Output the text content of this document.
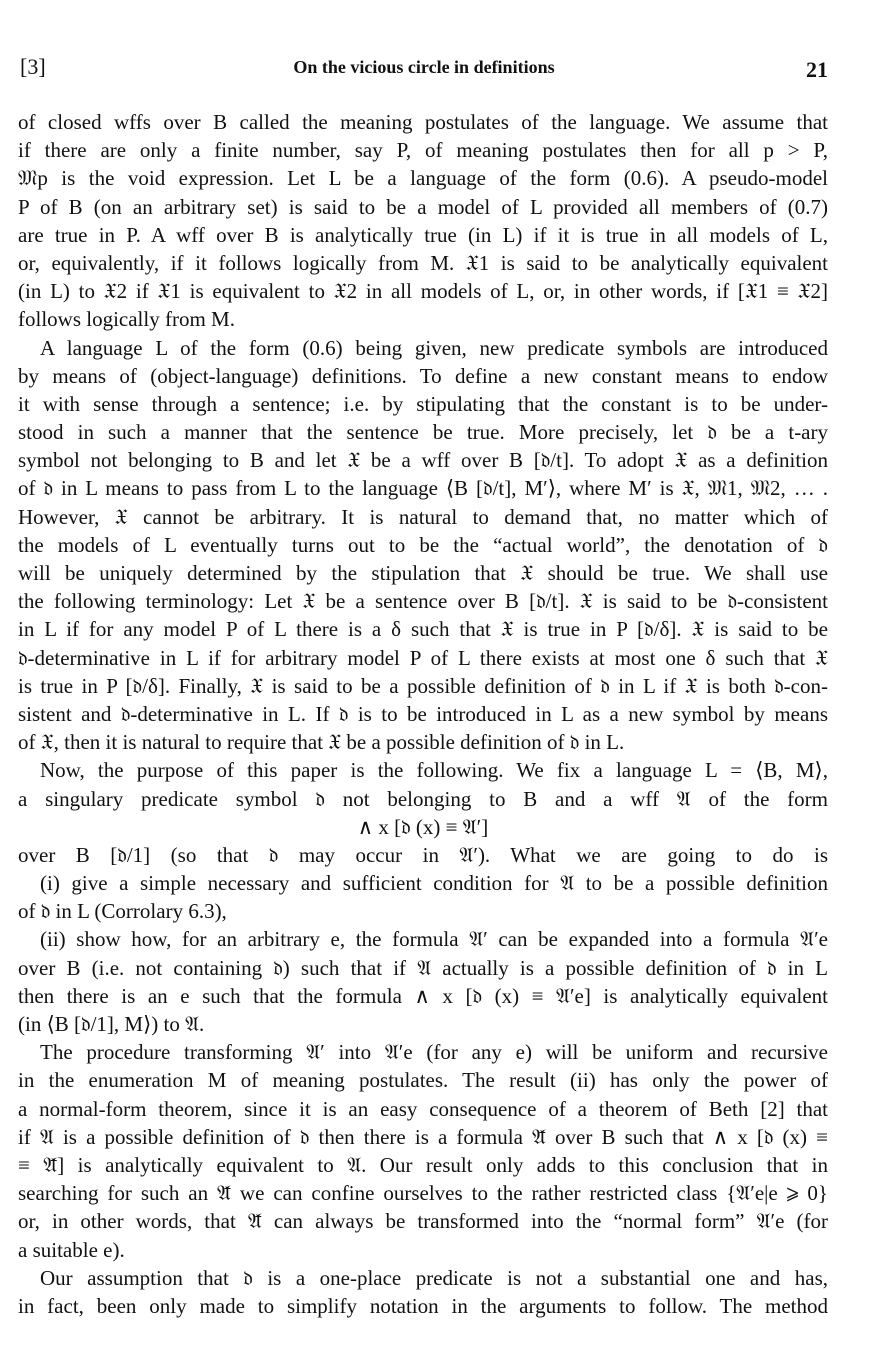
[3]	On the vicious circle in definitions	21
of closed wffs over B called the meaning postulates of the language. We assume that
if there are only a finite number, say P, of meaning postulates then for all p > P,
𝔐p is the void expression. Let L be a language of the form (0.6). A pseudo-model
P of B (on an arbitrary set) is said to be a model of L provided all members of (0.7)
are true in P. A wff over B is analytically true (in L) if it is true in all models of L,
or, equivalently, if it follows logically from M. 𝔛1 is said to be analytically equivalent
(in L) to 𝔛2 if 𝔛1 is equivalent to 𝔛2 in all models of L, or, in other words, if [𝔛1 ≡ 𝔛2]
follows logically from M.
A language L of the form (0.6) being given, new predicate symbols are introduced
by means of (object-language) definitions. To define a new constant means to endow
it with sense through a sentence; i.e. by stipulating that the constant is to be under-
stood in such a manner that the sentence be true. More precisely, let 𝔡 be a t-ary
symbol not belonging to B and let 𝔛 be a wff over B [𝔡/t]. To adopt 𝔛 as a definition
of 𝔡 in L means to pass from L to the language ⟨B [𝔡/t], M′⟩, where M′ is 𝔛, 𝔐1, 𝔐2, … .
However, 𝔛 cannot be arbitrary. It is natural to demand that, no matter which of
the models of L eventually turns out to be the “actual world”, the denotation of 𝔡
will be uniquely determined by the stipulation that 𝔛 should be true. We shall use
the following terminology: Let 𝔛 be a sentence over B [𝔡/t]. 𝔛 is said to be 𝔡-consistent
in L if for any model P of L there is a δ such that 𝔛 is true in P [𝔡/δ]. 𝔛 is said to be
𝔡-determinative in L if for arbitrary model P of L there exists at most one δ such that 𝔛
is true in P [𝔡/δ]. Finally, 𝔛 is said to be a possible definition of 𝔡 in L if 𝔛 is both 𝔡-con-
sistent and 𝔡-determinative in L. If 𝔡 is to be introduced in L as a new symbol by means
of 𝔛, then it is natural to require that 𝔛 be a possible definition of 𝔡 in L.
Now, the purpose of this paper is the following. We fix a language L = ⟨B, M⟩,
a singulary predicate symbol 𝔡 not belonging to B and a wff 𝔄 of the form
∧ x [𝔡 (x) ≡ 𝔄′]
over B [𝔡/1] (so that 𝔡 may occur in 𝔄′). What we are going to do is
(i) give a simple necessary and sufficient condition for 𝔄 to be a possible definition
of 𝔡 in L (Corrolary 6.3),
(ii) show how, for an arbitrary e, the formula 𝔄′ can be expanded into a formula 𝔄′e
over B (i.e. not containing 𝔡) such that if 𝔄 actually is a possible definition of 𝔡 in L
then there is an e such that the formula ∧ x [𝔡 (x) ≡ 𝔄′e] is analytically equivalent
(in ⟨B [𝔡/1], M⟩) to 𝔄.
The procedure transforming 𝔄′ into 𝔄′e (for any e) will be uniform and recursive
in the enumeration M of meaning postulates. The result (ii) has only the power of
a normal-form theorem, since it is an easy consequence of a theorem of Beth [2] that
if 𝔄 is a possible definition of 𝔡 then there is a formula 𝔄̄ over B such that ∧ x [𝔡 (x) ≡
≡ 𝔄̄] is analytically equivalent to 𝔄. Our result only adds to this conclusion that in
searching for such an 𝔄̄ we can confine ourselves to the rather restricted class {𝔄′e|e ⩾ 0}
or, in other words, that 𝔄̄ can always be transformed into the “normal form” 𝔄′e (for
a suitable e).
Our assumption that 𝔡 is a one-place predicate is not a substantial one and has,
in fact, been only made to simplify notation in the arguments to follow. The method
